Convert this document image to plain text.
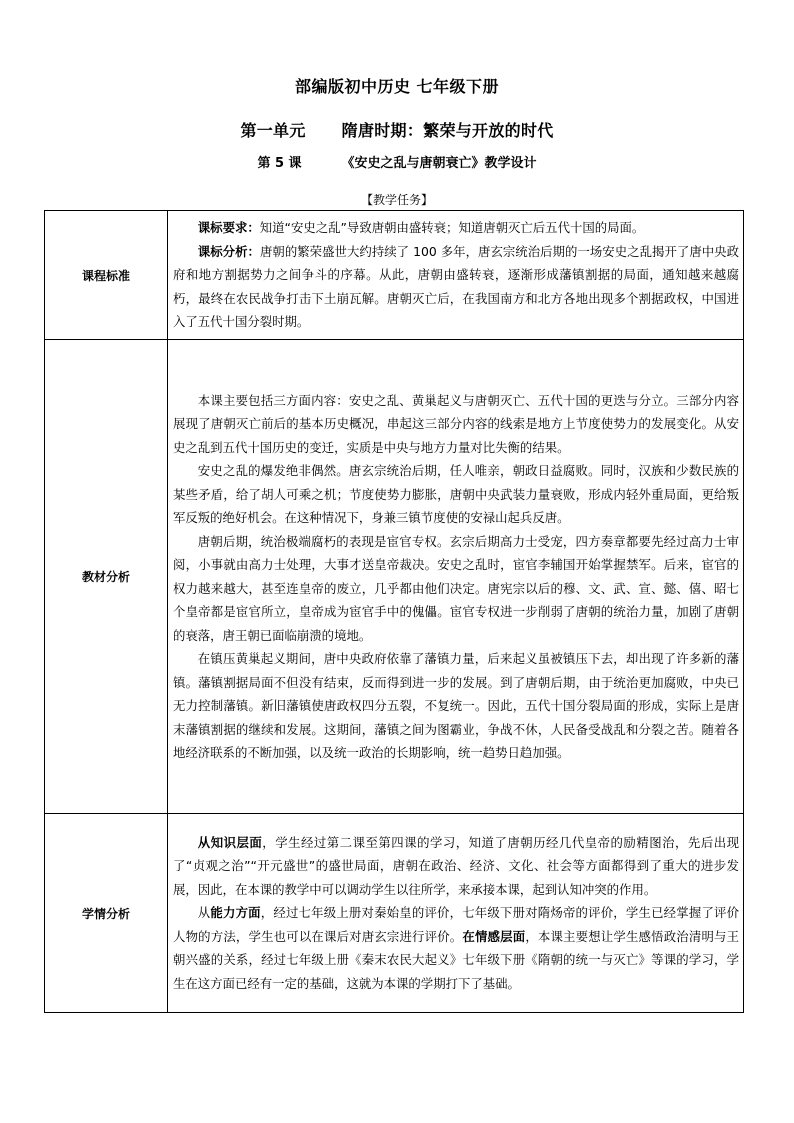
部编版初中历史 七年级下册
第一单元 隋唐时期：繁荣与开放的时代
第 5 课	《安史之乱与唐朝衰亡》教学设计
【教学任务】
课程标准	课标要求：知道“安史之乱”导致唐朝由盛转衰；知道唐朝灭亡后五代十国的局面。

课标分析：唐朝的繁荣盛世大约持续了 100 多年，唐玄宗统治后期的一场安史之乱揭开了唐中央政府和地方割据势力之间争斗的序幕。从此，唐朝由盛转衰，逐渐形成藩镇割据的局面，通知越来越腐朽，最终在农民战争打击下土崩瓦解。唐朝灭亡后，在我国南方和北方各地出现多个割据政权，中国进入了五代十国分裂时期。

教材分析	本课主要包括三方面内容：安史之乱、黄巢起义与唐朝灭亡、五代十国的更迭与分立。三部分内容展现了唐朝灭亡前后的基本历史概况，串起这三部分内容的线索是地方上节度使势力的发展变化。从安史之乱到五代十国历史的变迁，实质是中央与地方力量对比失衡的结果。

安史之乱的爆发绝非偶然。唐玄宗统治后期，任人唯亲，朝政日益腐败。同时，汉族和少数民族的某些矛盾，给了胡人可乘之机；节度使势力膨胀，唐朝中央武装力量衰败，形成内轻外重局面，更给叛军反叛的绝好机会。在这种情况下，身兼三镇节度使的安禄山起兵反唐。

唐朝后期，统治极端腐朽的表现是宦官专权。玄宗后期高力士受宠，四方奏章都要先经过高力士审阅，小事就由高力士处理，大事才送皇帝裁决。安史之乱时，宦官李辅国开始掌握禁军。后来，宦官的权力越来越大，甚至连皇帝的废立，几乎都由他们决定。唐宪宗以后的穆、文、武、宣、懿、僖、昭七个皇帝都是宦官所立，皇帝成为宦官手中的傀儡。宦官专权进一步削弱了唐朝的统治力量，加剧了唐朝的衰落，唐王朝已面临崩溃的境地。

在镇压黄巢起义期间，唐中央政府依靠了藩镇力量，后来起义虽被镇压下去，却出现了许多新的藩镇。藩镇割据局面不但没有结束，反而得到进一步的发展。到了唐朝后期，由于统治更加腐败，中央已无力控制藩镇。新旧藩镇使唐政权四分五裂，不复统一。因此，五代十国分裂局面的形成，实际上是唐末藩镇割据的继续和发展。这期间，藩镇之间为图霸业，争战不休，人民备受战乱和分裂之苦。随着各地经济联系的不断加强，以及统一政治的长期影响，统一趋势日趋加强。

学情分析	从知识层面，学生经过第二课至第四课的学习，知道了唐朝历经几代皇帝的励精图治，先后出现了“贞观之治”“开元盛世”的盛世局面，唐朝在政治、经济、文化、社会等方面都得到了重大的进步发展，因此，在本课的教学中可以调动学生以往所学，来承接本课，起到认知冲突的作用。

从能力方面，经过七年级上册对秦始皇的评价，七年级下册对隋炀帝的评价，学生已经掌握了评价人物的方法，学生也可以在课后对唐玄宗进行评价。在情感层面，本课主要想让学生感悟政治清明与王朝兴盛的关系，经过七年级上册《秦末农民大起义》七年级下册《隋朝的统一与灭亡》等课的学习，学生在这方面已经有一定的基础，这就为本课的学期打下了基础。
